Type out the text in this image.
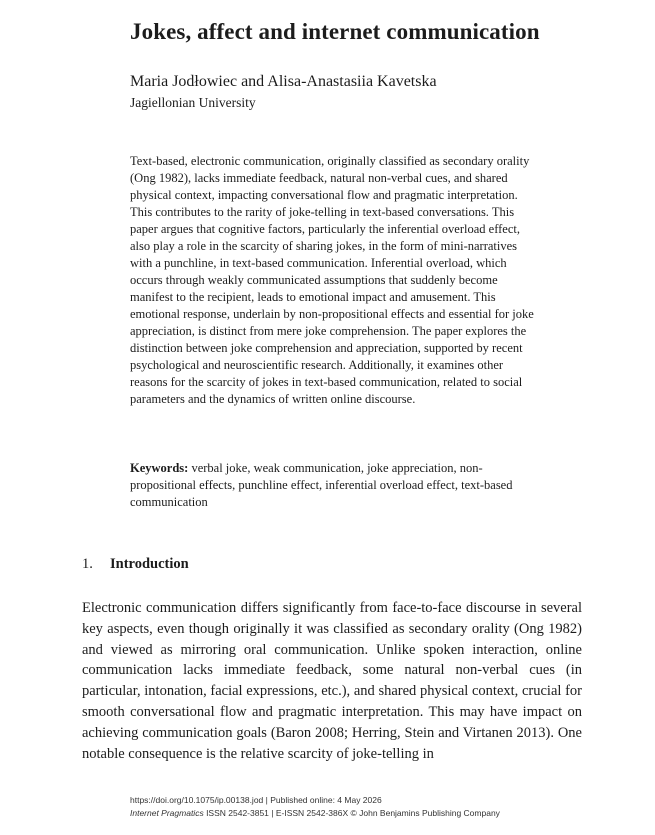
Jokes, affect and internet communication

Maria Jodłowiec and Alisa-Anastasiia Kavetska

Jagiellonian University

Text-based, electronic communication, originally classified as secondary orality (Ong 1982), lacks immediate feedback, natural non-verbal cues, and shared physical context, impacting conversational flow and pragmatic interpretation. This contributes to the rarity of joke-telling in text-based conversations. This paper argues that cognitive factors, particularly the inferential overload effect, also play a role in the scarcity of sharing jokes, in the form of mini-narratives with a punchline, in text-based communication. Inferential overload, which occurs through weakly communicated assumptions that suddenly become manifest to the recipient, leads to emotional impact and amusement. This emotional response, underlain by non-propositional effects and essential for joke appreciation, is distinct from mere joke comprehension. The paper explores the distinction between joke comprehension and appreciation, supported by recent psychological and neuroscientific research. Additionally, it examines other reasons for the scarcity of jokes in text-based communication, related to social parameters and the dynamics of written online discourse.

Keywords: verbal joke, weak communication, joke appreciation, non-propositional effects, punchline effect, inferential overload effect, text-based communication

1. Introduction

Electronic communication differs significantly from face-to-face discourse in several key aspects, even though originally it was classified as secondary orality (Ong 1982) and viewed as mirroring oral communication. Unlike spoken interaction, online communication lacks immediate feedback, some natural non-verbal cues (in particular, intonation, facial expressions, etc.), and shared physical context, crucial for smooth conversational flow and pragmatic interpretation. This may have impact on achieving communication goals (Baron 2008; Herring, Stein and Virtanen 2013). One notable consequence is the relative scarcity of joke-telling in

https://doi.org/10.1075/ip.00138.jod | Published online: 4 May 2026
Internet Pragmatics ISSN 2542-3851 | E-ISSN 2542-386X © John Benjamins Publishing Company
